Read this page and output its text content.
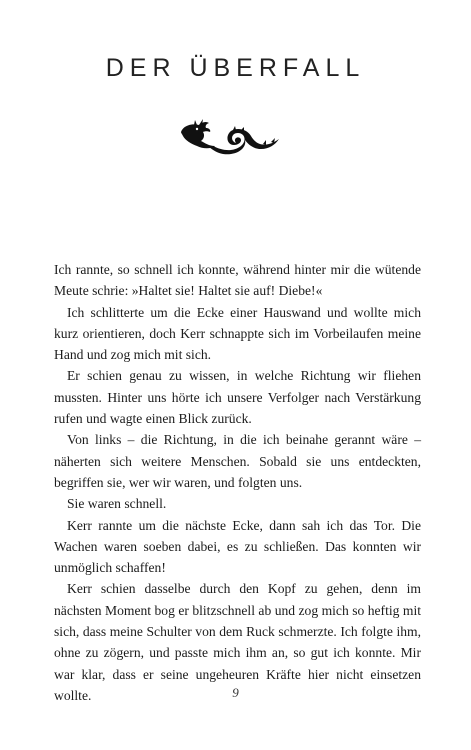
DER ÜBERFALL

Ich rannte, so schnell ich konnte, während hinter mir die wütende Meute schrie: »Haltet sie! Haltet sie auf! Diebe!«

Ich schlitterte um die Ecke einer Hauswand und wollte mich kurz orientieren, doch Kerr schnappte sich im Vorbeilaufen meine Hand und zog mich mit sich.

Er schien genau zu wissen, in welche Richtung wir fliehen mussten. Hinter uns hörte ich unsere Verfolger nach Verstärkung rufen und wagte einen Blick zurück.

Von links – die Richtung, in die ich beinahe gerannt wäre – näherten sich weitere Menschen. Sobald sie uns entdeckten, begriffen sie, wer wir waren, und folgten uns.

Sie waren schnell.

Kerr rannte um die nächste Ecke, dann sah ich das Tor. Die Wachen waren soeben dabei, es zu schließen. Das konnten wir unmöglich schaffen!

Kerr schien dasselbe durch den Kopf zu gehen, denn im nächsten Moment bog er blitzschnell ab und zog mich so heftig mit sich, dass meine Schulter von dem Ruck schmerzte. Ich folgte ihm, ohne zu zögern, und passte mich ihm an, so gut ich konnte. Mir war klar, dass er seine ungeheuren Kräfte hier nicht einsetzen wollte.	9
